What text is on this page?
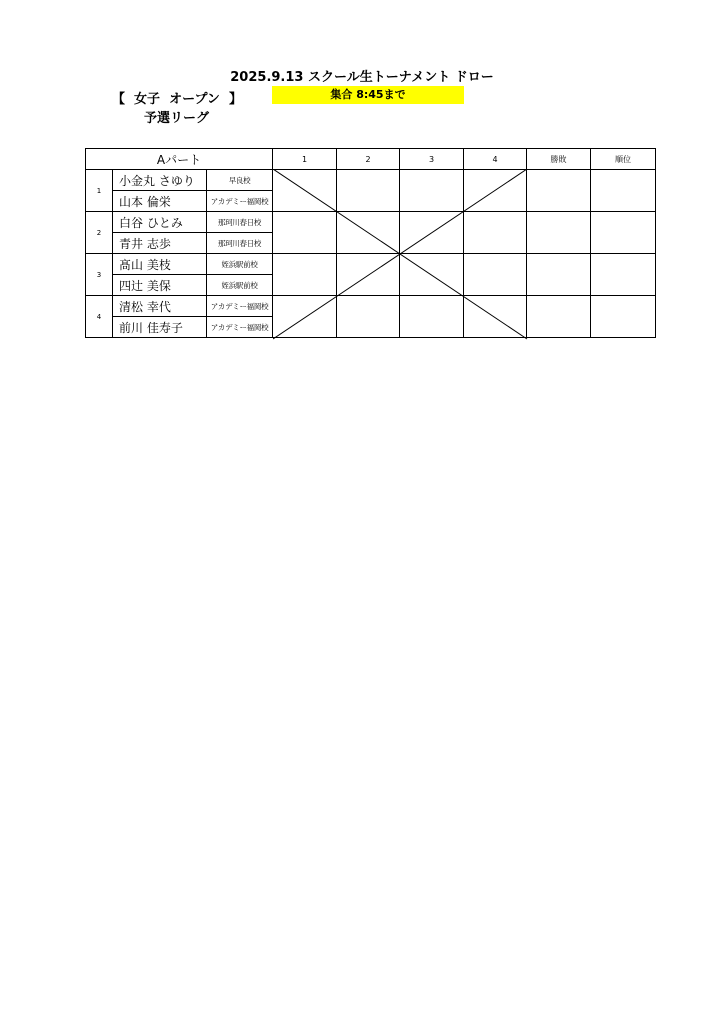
2025.9.13 スクール生トーナメント ドロー
【  女子  オープン  】	集合 8:45まで
予選リーグ
Aパート			1	2	3	4	勝敗	順位
1	小金丸 さゆり	早良校						
	山本 倫栄	アカデミー福岡校						
2	白谷 ひとみ	那珂川春日校						
	青井 志歩	那珂川春日校						
3	髙山 美枝	姪浜駅前校						
	四辻 美保	姪浜駅前校						
4	清松 幸代	アカデミー福岡校						
	前川 佳寿子	アカデミー福岡校						
